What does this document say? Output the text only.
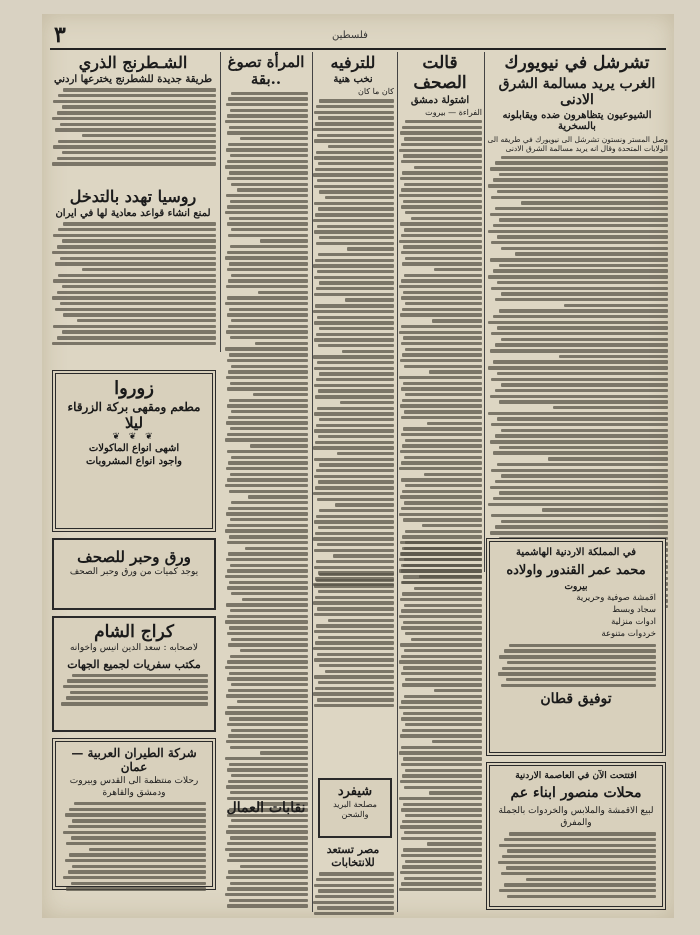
٣	فلسطين
تشرشل في نيويورك
الغرب يريد مسالمة الشرق الادنى
الشيوعيون يتظاهرون ضده ويقابلونه بالسخرية
وصل المستر ونستون تشرشل الى نيويورك في طريقه الى الولايات المتحدة وقال انه يريد مسالمة الشرق الادنى
قالت الصحف
اشتولة دمشق
الفراءة — بيروت
للترفيه
نخب هنية
كان ما كان
المرأة تصوغ ..بقة
الشـطرنج الذري
طريقة جديدة للشطرنج يخترعها اردني
روسيا تهدد بالتدخل
لمنع انشاء قواعد معادية لها في ايران
زوروا
مطعم ومقهى بركة الزرقاء
ليلا
❦ ❦ ❦
اشهى انواع الماكولات
واجود انواع المشروبات
ورق وحبر للصحف
يوجد كميات من ورق وحبر الصحف
كراج الشام
لاصحابه : سعد الدين انيس واخوانه
مكتب سفريات لجميع الجهات
شركة الطيران العربية — عمان
رحلات منتظمة الى القدس وبيروت ودمشق والقاهرة
نقابات العمال
شيفرد
مصلحة البريد والشحن
مصر تستعد للانتخابات
في المملكة الاردنية الهاشمية
محمد عمر القندور واولاده
بيروت
اقمشة صوفية وحريرية
سجاد وبسط
ادوات منزلية
خردوات متنوعة
توفيق قطان
افتتحت الآن في العاصمة الاردنية
محلات منصور ابناء عم
لبيع الاقمشة والملابس والخردوات بالجملة والمفرق
